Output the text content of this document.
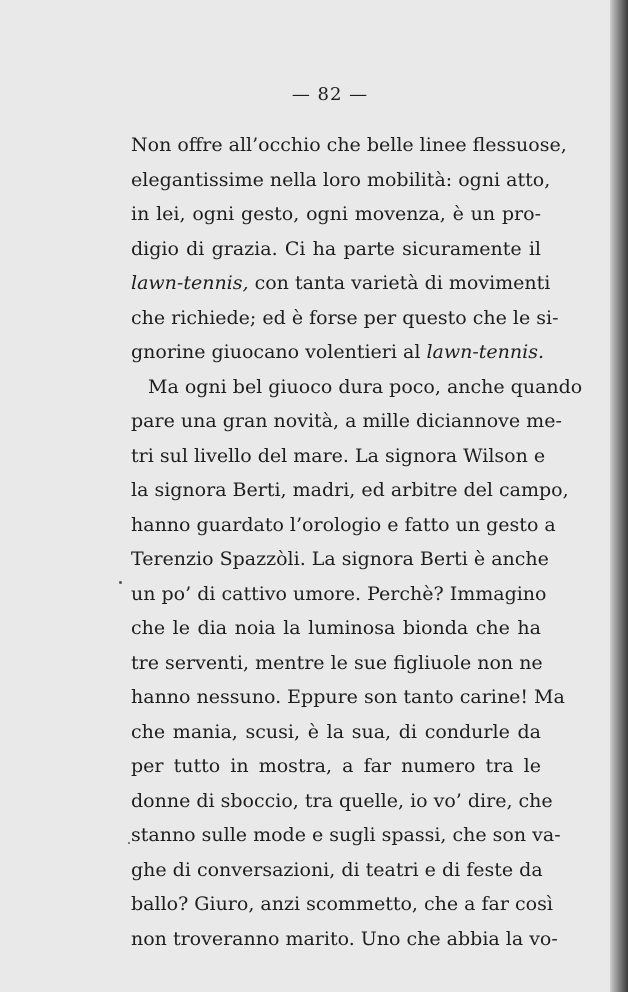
— 82 —
Non offre all’occhio che belle linee flessuose,
elegantissime nella loro mobilità: ogni atto,
in lei, ogni gesto, ogni movenza, è un pro-
digio di grazia. Ci ha parte sicuramente il
lawn-tennis, con tanta varietà di movimenti
che richiede; ed è forse per questo che le si-
gnorine giuocano volentieri al lawn-tennis.
Ma ogni bel giuoco dura poco, anche quando
pare una gran novità, a mille diciannove me-
tri sul livello del mare. La signora Wilson e
la signora Berti, madri, ed arbitre del campo,
hanno guardato l’orologio e fatto un gesto a
Terenzio Spazzòli. La signora Berti è anche
un po’ di cattivo umore. Perchè? Immagino
che le dia noia la luminosa bionda che ha
tre serventi, mentre le sue figliuole non ne
hanno nessuno. Eppure son tanto carine! Ma
che mania, scusi, è la sua, di condurle da
per tutto in mostra, a far numero tra le
donne di sboccio, tra quelle, io vo’ dire, che
stanno sulle mode e sugli spassi, che son va-
ghe di conversazioni, di teatri e di feste da
ballo? Giuro, anzi scommetto, che a far così
non troveranno marito. Uno che abbia la vo-
